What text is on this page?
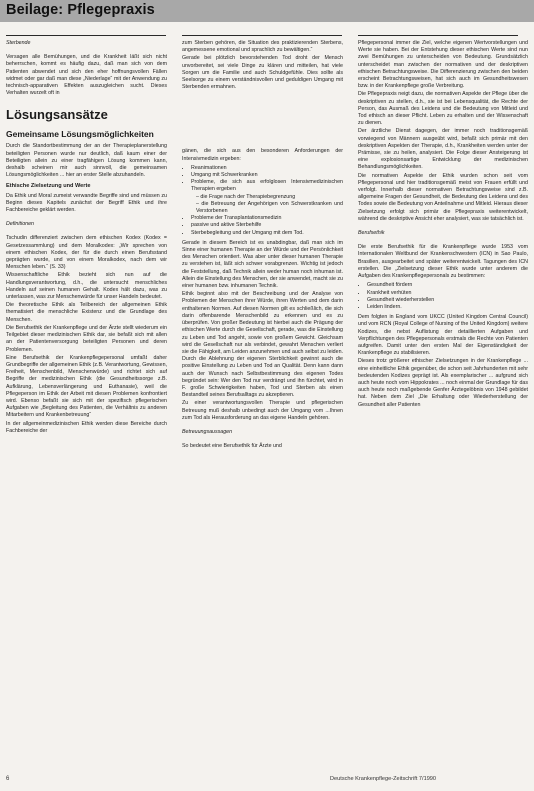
Beilage: Pflegepraxis

Sterbende

Versagen alle Bemühungen, und die Krankheit läßt sich nicht beherrschen, kommt es häufig dazu, daß man sich von dem Patienten abwendet und sich den eher hoffnungsvollen Fällen widmet oder gar daß man diese „Niederlage“ mit der Anwendung zu technisch-apparativen Effekten auszugleichen sucht. Dieses Verhalten wurzelt oft in

Lösungsansätze
Gemeinsame Lösungsmöglichkeiten

Durch die Standortbestimmung der an der Therapieplanerstellung beteiligten Personen wurde nur deutlich, daß kaum einer der Beteiligten allein zu einer tragfähigen Lösung kommen kann, deshalb scheinen mir auch sinnvoll, die gemeinsamen Lösungsmöglichkeiten ... hier an erster Stelle abzuhandeln.

Ethische Zielsetzung und Werte

Da Ethik und Moral zumeist verwandte Begriffe sind und müssen zu Beginn dieses Kapitels zunächst der Begriff Ethik und ihre Fachbereiche geklärt werden.

Definitionen

Tschudin differenziert zwischen dem ethischen Kodex (Kodex = Gesetzessammlung) und dem Moralkodex: „Wir sprechen von einem ethischen Kodex, der für die durch einen Berufsstand geprägten wurde, und von einem Moralkodex, nach dem wir Menschen leben.“ (S. 33)

Wissenschaftliche Ethik bezieht sich nun auf die Handlungsverantwortung, d.h., die untersucht menschliches Handeln auf seinen humanen Gehalt. Kodex hält dazu, was zu unterlassen, was zur Menschenwürde für unser Handeln bedeutet.

Die theoretische Ethik als Teilbereich der allgemeinen Ethik thematisiert die menschliche Existenz und die Grundlage des Menschen.

Die Berufsethik der Krankenpflege und der Ärzte stellt wiederum ein Teilgebiet dieser medizinischen Ethik dar, sie befaßt sich mit allen an der Patientenversorgung beteiligten Personen und deren Problemen.

Eine Berufsethik der Krankenpflegepersonal umfaßt daher Grundbegriffe der allgemeinen Ethik (z.B. Verantwortung, Gewissen, Freiheit, Menschenbild, Menschenwürde) und richtet sich auf Begriffe der medizinischen Ethik (die Gesundheitssorge z.B. Aufklärung, Lebensverlängerung und Euthanasie), weil die Pflegeperson im Ethik der Arbeit mit diesen Problemen konfrontiert wird. Ebenso befaßt sie sich mit der spezifisch pflegerischen Aufgaben wie „Begleitung des Patienten, die Verhältnis zu anderen Mitarbeitern und Krankenbetreuung“

In der allgemeinmedizinischen Ethik werden diese Bereiche durch Fachbereiche der

zum Sterben gehören, die Situation des praktizierenden Sterbens, angemessene emotional und sprachlich zu bewältigen.“

Gerade bei plötzlich bevorstehenden Tod droht der Mensch unvorbereitet, sei viele Dinge zu klären und mitteilen, hat viele Sorgen um die Familie und auch Schuldgefühle. Dies sollte als Seelsorge zu einem verständnisvollen und geduldigen Umgang mit Sterbenden ermahnen.

gänen, die sich aus den besonderen Anforderungen der Intensivmedizin ergeben:

• Reanimationen
• Umgang mit Schwerkranken
• Probleme, die sich aus erfolglosen Intensivmedizinischen Therapien ergeben
– die Frage nach der Therapiebegrenzung
– die Betreuung der Angehörigen von Schwerstkranken und Verstorbenen
• Probleme der Transplantationsmedizin
• passive und aktive Sterbehilfe
• Sterbebegleitung und der Umgang mit dem Tod.

Gerade in diesem Bereich ist es unabdingbar, daß man sich im Sinne einer humanen Therapie an der Würde und der Persönlichkeit des Menschen orientiert. Was aber unter dieser humanen Therapie zu verstehen ist, läßt sich schwer vorabgrenzen. Wichtig ist jedoch die Feststellung, daß Technik allein weder human noch inhuman ist. Allein die Einstellung des Menschen, der sie anwendet, macht sie zu einer humanen bzw. inhumanen Technik.

Ethik beginnt also mit der Beschreibung und der Analyse von Problemen der Menschen ihrer Würde, ihren Werten und dem darin enthaltenen Normen. Auf diesen Normen gilt es schließlich, die sich darin offenbarende Menschenbild zu erkennen und es zu überprüfen. Von großer Bedeutung ist hierbei auch die Prägung der ethischen Werte durch die Gesellschaft, gerade, was die Einstellung zu Leben und Tod angeht, sowie von großem Gewicht. Gleichsam wird die Gesellschaft nur als verbindet, gewahrt Menschen verliert sie die Fähigkeit, am Leiden anzunehmen und auch selbst zu leiden. Durch die Ablehnung der eigenen Sterblichkeit gewinnt auch die positive Einstellung zu Leben und Tod an Qualität. Denn kann dann auch der Wunsch nach Selbstbestimmung des eigenen Todes begründet sein: Wer den Tod nur verdrängt und ihn fürchtet, wird in F. große Schwierigkeiten haben, Tod und Sterben als einen Bestandteil seines Berufsalltags zu akzeptieren.

Zu einer verantwortungsvollen Therapie und pflegerischen Betreuung muß deshalb unbedingt auch der Umgang vom ...Ihnen zum Tod als Herausforderung an das eigene Handeln gehören.

Betreuungsaussagen

So bedeutet eine Berufsethik für Ärzte und

Pflegepersonal immer die Ziel, welche eigenen Wertvorstellungen und Werte sie haben. Bei der Entstehung dieser ethischen Werte sind nun zwei Bemühungen zu unterscheiden von Bedeutung. Grundsätzlich unterscheidet man zwischen der normativen und der deskriptiven ethischen Betrachtungsweise. Die Differenzierung zwischen den beiden erscheint Betrachtungsweisen, hat sich auch im Gesundheitswesen bzw. in der Krankenpflege große Verbreitung.

Die Pflegepraxis neigt dazu, die normativen Aspekte der Pflege über die deskriptiven zu stellen, d.h., sie ist bei Lebensqualität, die Rechte der Person, das Ausmaß des Leidens und die Bedeutung von Mitleid und Tod ethisch an dieser Pflicht. Leben zu erhalten und der Wissenschaft zu dienen.

Der ärztliche Dienst dagegen, der immer noch traditionsgemäß vorwiegend von Männern ausgeübt wird, befaßt sich primär mit den deskriptiven Aspekten der Therapie, d.h., Krankheiten werden unter der Prämisse, sie zu heilen, analysiert. Die Folge dieser Ansteigerung ist eine explosionsartige Entwicklung der medizinischen Behandlungsmöglichkeiten.

Die normativen Aspekte der Ethik wurden schon seit vom Pflegepersonal und hier traditionsgemäß meist von Frauen erfüllt und verfolgt. Innerhalb dieser normativen Betrachtungsweise sind z.B. allgemeine Fragen der Gesundheit, die Bedeutung des Leidens und des Todes sowie die Bedeutung von Anteilnahme und Mitleid. Hieraus dieser Zielsetzung erfolgt sich primär die Pflegepraxis weiterentwickelt, während die deskriptive Ansicht eher analysiert, was sie tatsächlich ist.

Berufsethik

Die erste Berufsethik für die Krankenpflege wurde 1953 vom Internationalen Weltbund der Krankenschwestern (ICN) in Sao Paulo, Brasilien, ausgearbeitet und später weiterentwickelt. Tagungen des ICN erstellen. Die „Zielsetzung dieser Ethik wurde unter anderem die Aufgaben des Krankenpflegepersonals zu bestimmen:

• Gesundheit fördern
• Krankheit verhüten
• Gesundheit wiederherstellen
• Leiden lindern.

Dem folgten in England vom UKCC (United Kingdom Central Council) und vom RCN (Royal College of Nursing of the United Kingdom) weitere Kodizes, die nebst Auflistung der detaillierten Aufgaben und Verpflichtungen des Pflegepersonals erstmals die Rechte von Patienten aufgreifen. Damit unter den ersten Mal der Eigenständigkeit der Krankenpflege zu stabilisieren.

Dieses trotz größerer ethischer Zielsetzungen in der Krankenpflege ... eine einheitliche Ethik gegenüber, die schon seit Jahrhunderten mit sehr bedeutenden Kodizes geprägt ist. Als exemplarischer ... aufgrund sich auch heute noch vom Hippokrates ... noch einmal der Grundlage für das auch heute noch maßgebende Genfer Ärztegelöbnis von 1948 gebildet hat. Neben dem Ziel „Die Erhaltung oder Wiederherstellung der Gesundheit aller Patienten

6	Deutsche Krankenpflege-Zeitschrift 7/1990
